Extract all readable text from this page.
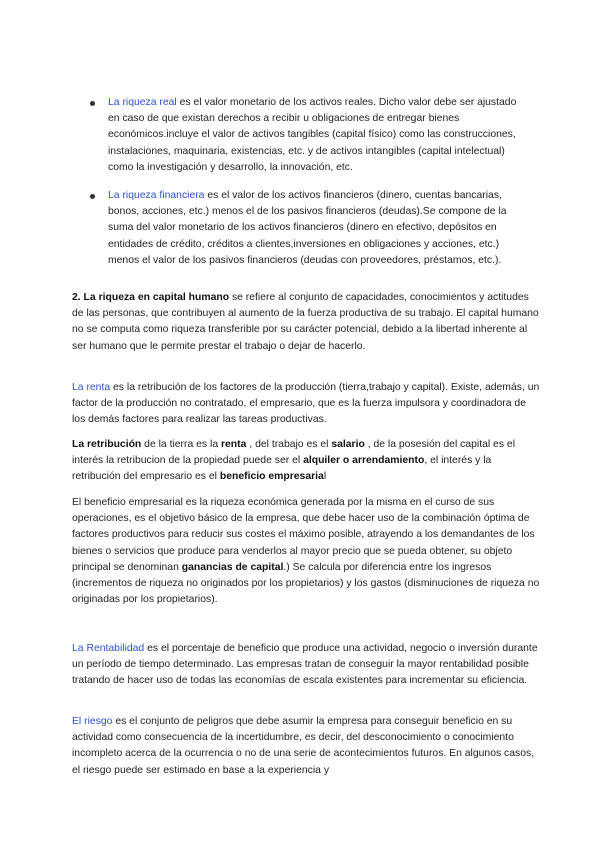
La riqueza real es el valor monetario de los activos reales. Dicho valor debe ser ajustado en caso de que existan derechos a recibir u obligaciones de entregar bienes económicos.incluye el valor de activos tangibles (capital físico) como las construcciones, instalaciones, maquinaria, existencias, etc. y de activos intangibles (capital intelectual) como la investigación y desarrollo, la innovación, etc.
La riqueza financiera es el valor de los activos financieros (dinero, cuentas bancarias, bonos, acciones, etc.) menos el de los pasivos financieros (deudas).Se compone de la suma del valor monetario de los activos financieros (dinero en efectivo, depósitos en entidades de crédito, créditos a clientes,inversiones en obligaciones y acciones, etc.) menos el valor de los pasivos financieros (deudas con proveedores, préstamos, etc.).

2. La riqueza en capital humano se refiere al conjunto de capacidades, conocimientos y actitudes de las personas, que contribuyen al aumento de la fuerza productiva de su trabajo. El capital humano no se computa como riqueza transferible por su carácter potencial, debido a la libertad inherente al ser humano que le permite prestar el trabajo o dejar de hacerlo.

La renta es la retribución de los factores de la producción (tierra,trabajo y capital). Existe, además, un factor de la producción no contratado, el empresario, que es la fuerza impulsora y coordinadora de los demás factores para realizar las tareas productivas.

La retribución de la tierra es la renta , del trabajo es el salario , de la posesión del capital es el interés la retribucion de la propiedad puede ser el alquiler o arrendamiento, el interés y la retribución del empresario es el beneficio empresarial

El beneficio empresarial es la riqueza económica generada por la misma en el curso de sus operaciones, es el objetivo básico de la empresa, que debe hacer uso de la combinación óptima de factores productivos para reducir sus costes el máximo posible, atrayendo a los demandantes de los bienes o servicios que produce para venderlos al mayor precio que se pueda obtener, su objeto principal se denominan ganancias de capital.) Se calcula por diferencia entre los ingresos (incrementos de riqueza no originados por los propietarios) y los gastos (disminuciones de riqueza no originadas por los propietarios).

La Rentabilidad es el porcentaje de beneficio que produce una actividad, negocio o inversión durante un período de tiempo determinado. Las empresas tratan de conseguir la mayor rentabilidad posible tratando de hacer uso de todas las economías de escala existentes para incrementar su eficiencia.

El riesgo es el conjunto de peligros que debe asumir la empresa para conseguir beneficio en su actividad como consecuencia de la incertidumbre, es decir, del desconocimiento o conocimiento incompleto acerca de la ocurrencia o no de una serie de acontecimientos futuros. En algunos casos, el riesgo puede ser estimado en base a la experiencia y
